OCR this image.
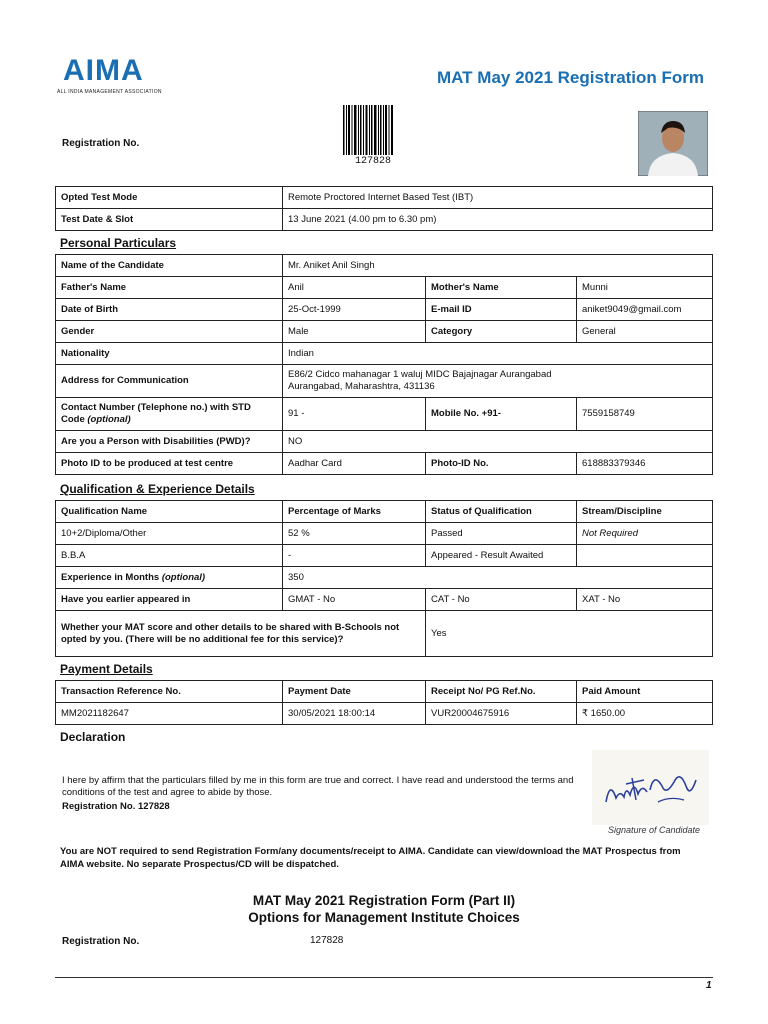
AIMA
ALL INDIA MANAGEMENT ASSOCIATION
MAT May 2021 Registration Form
Registration No.
127828
Opted Test Mode	Remote Proctored Internet Based Test (IBT)
Test Date & Slot	13 June 2021 (4.00 pm to 6.30 pm)
Personal Particulars
Name of the Candidate	Mr. Aniket Anil Singh		
Father's Name	Anil	Mother's Name	Munni
Date of Birth	25-Oct-1999	E-mail ID	aniket9049@gmail.com
Gender	Male	Category	General
Nationality	Indian		
Address for Communication	E86/2 Cidco mahanagar 1 waluj MIDC Bajajnagar Aurangabad
Aurangabad, Maharashtra, 431136		

Contact Number (Telephone no.) with STD Code (optional)	91 -	Mobile No. +91-	7559158749
Are you a Person with Disabilities (PWD)?	NO		
Photo ID to be produced at test centre	Aadhar Card	Photo-ID No.	618883379346
Qualification & Experience Details
Qualification Name	Percentage of Marks	Status of Qualification	Stream/Discipline
10+2/Diploma/Other	52 %	Passed	Not Required
B.B.A	-	Appeared - Result Awaited	
Experience in Months (optional)	350		
Have you earlier appeared in	GMAT - No	CAT - No	XAT - No
Whether your MAT score and other details to be shared with B-Schools not opted by you. (There will be no additional fee for this service)?		Yes	
Payment Details
Transaction Reference No.	Payment Date	Receipt No/ PG Ref.No.	Paid Amount
MM2021182647	30/05/2021 18:00:14	VUR20004675916	₹ 1650.00
Declaration
I here by affirm that the particulars filled by me in this form are true and correct. I have read and understood the terms and conditions of the test and agree to abide by those.
Registration No. 127828
Signature of Candidate
You are NOT required to send Registration Form/any documents/receipt to AIMA. Candidate can view/download the MAT Prospectus from AIMA website. No separate Prospectus/CD will be dispatched.
MAT May 2021 Registration Form (Part II)
Options for Management Institute Choices
Registration No.	127828
1
